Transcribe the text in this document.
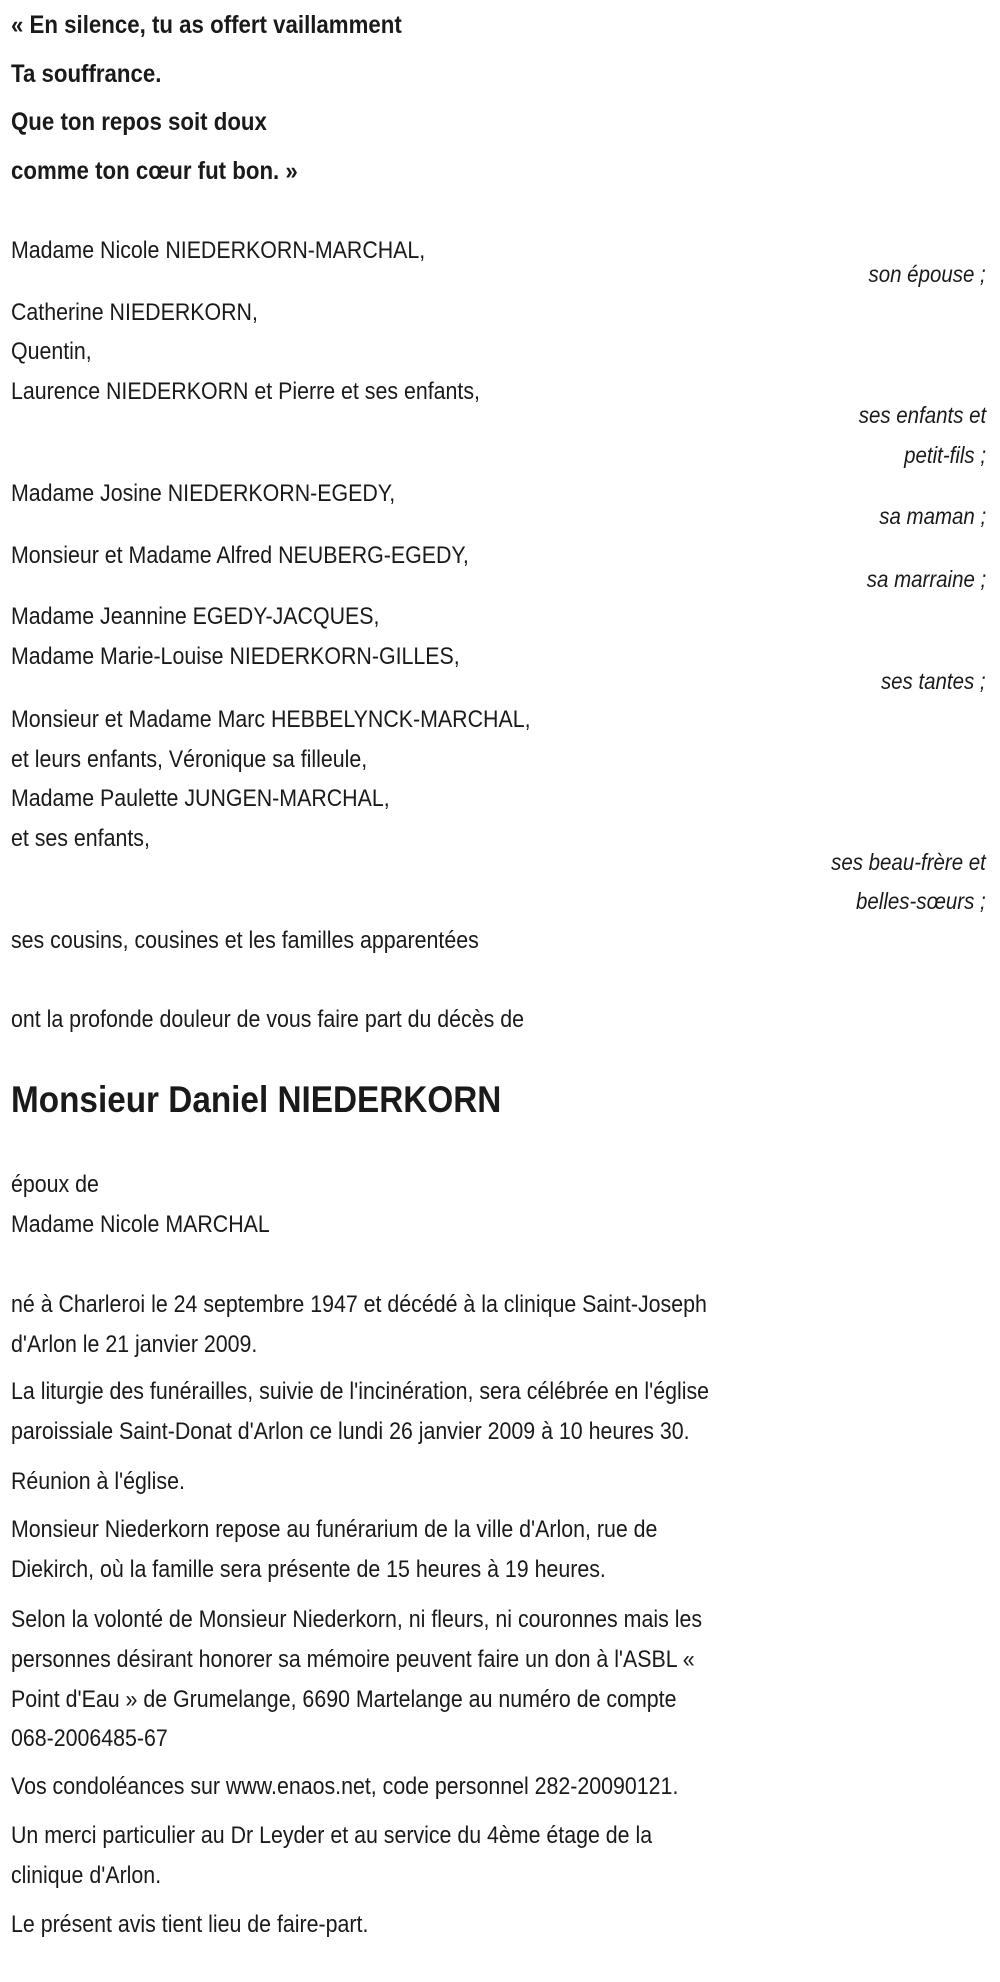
« En silence, tu as offert vaillamment
Ta souffrance.
Que ton repos soit doux
comme ton cœur fut bon. »
Madame Nicole NIEDERKORN-MARCHAL,
son épouse ;
Catherine NIEDERKORN,
Quentin,
Laurence NIEDERKORN et Pierre et ses enfants,
ses enfants et
petit-fils ;
Madame Josine NIEDERKORN-EGEDY,
sa maman ;
Monsieur et Madame Alfred NEUBERG-EGEDY,
sa marraine ;
Madame Jeannine EGEDY-JACQUES,
Madame Marie-Louise NIEDERKORN-GILLES,
ses tantes ;
Monsieur et Madame Marc HEBBELYNCK-MARCHAL,
et leurs enfants, Véronique sa filleule,
Madame Paulette JUNGEN-MARCHAL,
et ses enfants,
ses beau-frère et
belles-sœurs ;
ses cousins, cousines et les familles apparentées
ont la profonde douleur de vous faire part du décès de
Monsieur Daniel NIEDERKORN
époux de
Madame Nicole MARCHAL
né à Charleroi le 24 septembre 1947 et décédé à la clinique Saint-Joseph
d'Arlon le 21 janvier 2009.
La liturgie des funérailles, suivie de l'incinération, sera célébrée en l'église
paroissiale Saint-Donat d'Arlon ce lundi 26 janvier 2009 à 10 heures 30.
Réunion à l'église.
Monsieur Niederkorn repose au funérarium de la ville d'Arlon, rue de
Diekirch, où la famille sera présente de 15 heures à 19 heures.
Selon la volonté de Monsieur Niederkorn, ni fleurs, ni couronnes mais les
personnes désirant honorer sa mémoire peuvent faire un don à l'ASBL «
Point d'Eau » de Grumelange, 6690 Martelange au numéro de compte
068-2006485-67
Vos condoléances sur www.enaos.net, code personnel 282-20090121.
Un merci particulier au Dr Leyder et au service du 4ème étage de la
clinique d'Arlon.
Le présent avis tient lieu de faire-part.
